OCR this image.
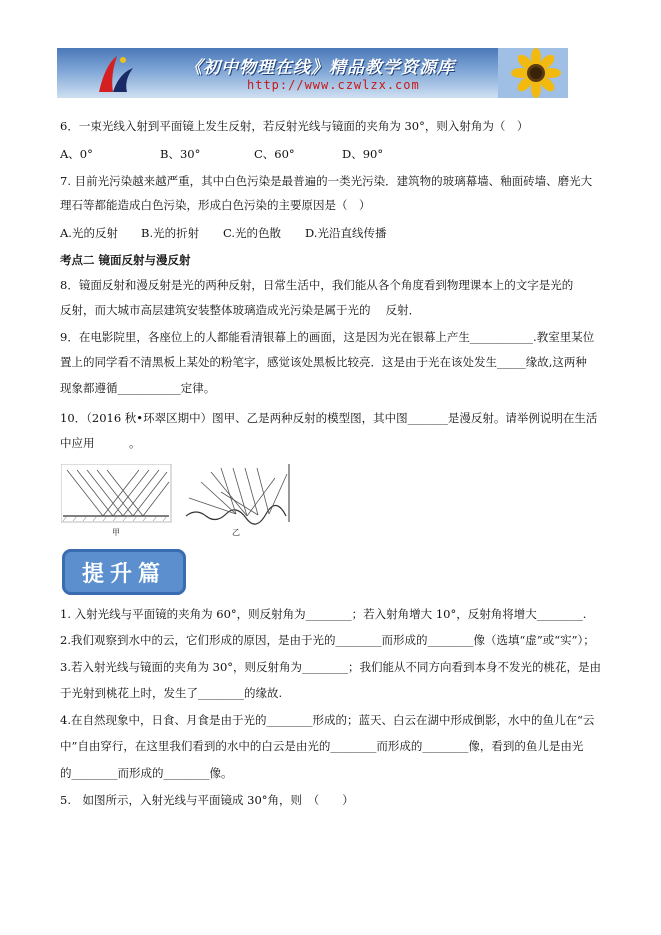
《初中物理在线》精品教学资源库
http://www.czwlzx.com
6．一束光线入射到平面镜上发生反射，若反射光线与镜面的夹角为 30°，则入射角为（　）
A、0°	B、30°	C、60°	D、90°
7. 目前光污染越来越严重，其中白色污染是最普遍的一类光污染．建筑物的玻璃幕墙、釉面砖墙、磨光大
理石等都能造成白色污染，形成白色污染的主要原因是（　）
A.光的反射 B.光的折射 C.光的色散 D.光沿直线传播
考点二 镜面反射与漫反射
8．镜面反射和漫反射是光的两种反射，日常生活中，我们能从各个角度看到物理课本上的文字是光的
反射，而大城市高层建筑安装整体玻璃造成光污染是属于光的　 反射．
9．在电影院里，各座位上的人都能看清银幕上的画面，这是因为光在银幕上产生___________.教室里某位
置上的同学看不清黑板上某处的粉笔字，感觉该处黑板比较亮．这是由于光在该处发生_____缘故,这两种
现象都遵循___________定律。
10．（2016 秋•环翠区期中）图甲、乙是两种反射的模型图，其中图_______是漫反射。请举例说明在生活
中应用　　　。
甲	乙
提升篇
1. 入射光线与平面镜的夹角为 60°，则反射角为________；若入射角增大 10°，反射角将增大________.
2.我们观察到水中的云，它们形成的原因，是由于光的________而形成的________像（选填“虚”或“实”）；
3.若入射光线与镜面的夹角为 30°，则反射角为________；我们能从不同方向看到本身不发光的桃花，是由
于光射到桃花上时，发生了________的缘故.
4.在自然现象中，日食、月食是由于光的________形成的；蓝天、白云在湖中形成倒影，水中的鱼儿在“云
中”自由穿行，在这里我们看到的水中的白云是由光的________而形成的________像，看到的鱼儿是由光
的________而形成的________像。
5.　如图所示，入射光线与平面镜成 30°角，则　（　　）
